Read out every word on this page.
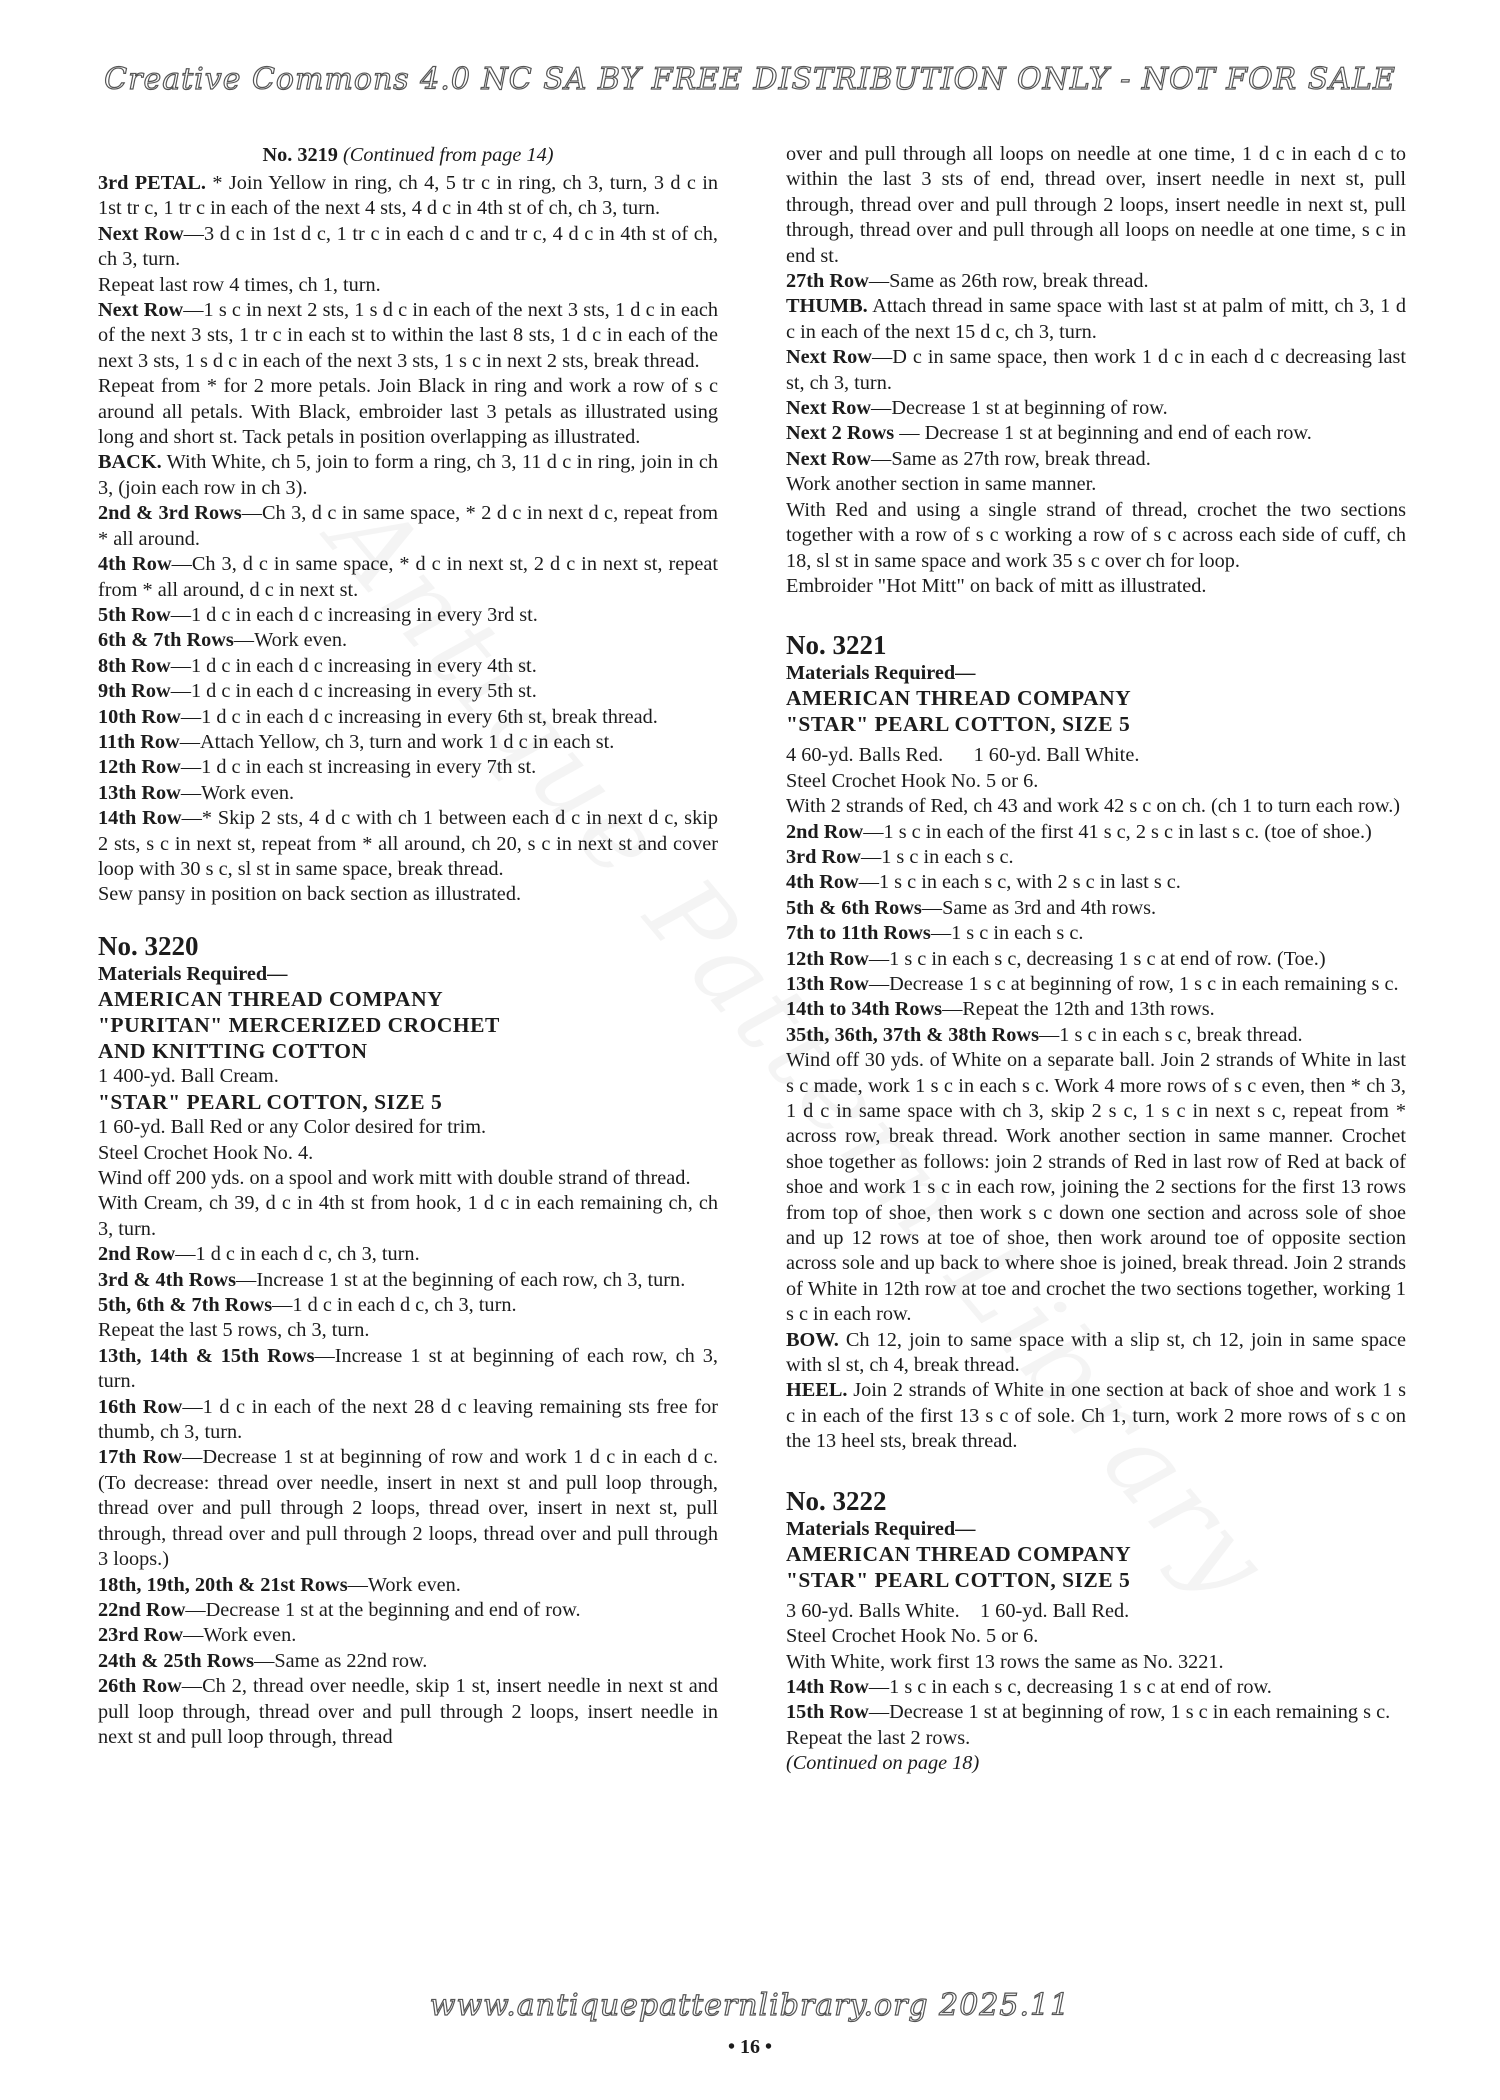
Creative Commons 4.0 NC SA BY FREE DISTRIBUTION ONLY - NOT FOR SALE

No. 3219 (Continued from page 14)

3rd PETAL. * Join Yellow in ring, ch 4, 5 tr c in ring, ch 3, turn, 3 d c in 1st tr c, 1 tr c in each of the next 4 sts, 4 d c in 4th st of ch, ch 3, turn.

Next Row—3 d c in 1st d c, 1 tr c in each d c and tr c, 4 d c in 4th st of ch, ch 3, turn.

Repeat last row 4 times, ch 1, turn.

Next Row—1 s c in next 2 sts, 1 s d c in each of the next 3 sts, 1 d c in each of the next 3 sts, 1 tr c in each st to within the last 8 sts, 1 d c in each of the next 3 sts, 1 s d c in each of the next 3 sts, 1 s c in next 2 sts, break thread.

Repeat from * for 2 more petals. Join Black in ring and work a row of s c around all petals. With Black, embroider last 3 petals as illustrated using long and short st. Tack petals in position overlapping as illustrated.

BACK. With White, ch 5, join to form a ring, ch 3, 11 d c in ring, join in ch 3, (join each row in ch 3).

2nd & 3rd Rows—Ch 3, d c in same space, * 2 d c in next d c, repeat from * all around.

4th Row—Ch 3, d c in same space, * d c in next st, 2 d c in next st, repeat from * all around, d c in next st.

5th Row—1 d c in each d c increasing in every 3rd st.

6th & 7th Rows—Work even.

8th Row—1 d c in each d c increasing in every 4th st.

9th Row—1 d c in each d c increasing in every 5th st.

10th Row—1 d c in each d c increasing in every 6th st, break thread.

11th Row—Attach Yellow, ch 3, turn and work 1 d c in each st.

12th Row—1 d c in each st increasing in every 7th st.

13th Row—Work even.

14th Row—* Skip 2 sts, 4 d c with ch 1 between each d c in next d c, skip 2 sts, s c in next st, repeat from * all around, ch 20, s c in next st and cover loop with 30 s c, sl st in same space, break thread.

Sew pansy in position on back section as illustrated.

No. 3220

Materials Required—

AMERICAN THREAD COMPANY

"PURITAN" MERCERIZED CROCHET

AND KNITTING COTTON

1 400-yd. Ball Cream.

"STAR" PEARL COTTON, SIZE 5

1 60-yd. Ball Red or any Color desired for trim.

Steel Crochet Hook No. 4.

Wind off 200 yds. on a spool and work mitt with double strand of thread.

With Cream, ch 39, d c in 4th st from hook, 1 d c in each remaining ch, ch 3, turn.

2nd Row—1 d c in each d c, ch 3, turn.

3rd & 4th Rows—Increase 1 st at the beginning of each row, ch 3, turn.

5th, 6th & 7th Rows—1 d c in each d c, ch 3, turn.

Repeat the last 5 rows, ch 3, turn.

13th, 14th & 15th Rows—Increase 1 st at beginning of each row, ch 3, turn.

16th Row—1 d c in each of the next 28 d c leaving remaining sts free for thumb, ch 3, turn.

17th Row—Decrease 1 st at beginning of row and work 1 d c in each d c. (To decrease: thread over needle, insert in next st and pull loop through, thread over and pull through 2 loops, thread over, insert in next st, pull through, thread over and pull through 2 loops, thread over and pull through 3 loops.)

18th, 19th, 20th & 21st Rows—Work even.

22nd Row—Decrease 1 st at the beginning and end of row.

23rd Row—Work even.

24th & 25th Rows—Same as 22nd row.

26th Row—Ch 2, thread over needle, skip 1 st, insert needle in next st and pull loop through, thread over and pull through 2 loops, insert needle in next st and pull loop through, thread

over and pull through all loops on needle at one time, 1 d c in each d c to within the last 3 sts of end, thread over, insert needle in next st, pull through, thread over and pull through 2 loops, insert needle in next st, pull through, thread over and pull through all loops on needle at one time, s c in end st.

27th Row—Same as 26th row, break thread.

THUMB. Attach thread in same space with last st at palm of mitt, ch 3, 1 d c in each of the next 15 d c, ch 3, turn.

Next Row—D c in same space, then work 1 d c in each d c decreasing last st, ch 3, turn.

Next Row—Decrease 1 st at beginning of row.

Next 2 Rows — Decrease 1 st at beginning and end of each row.

Next Row—Same as 27th row, break thread.

Work another section in same manner.

With Red and using a single strand of thread, crochet the two sections together with a row of s c working a row of s c across each side of cuff, ch 18, sl st in same space and work 35 s c over ch for loop.

Embroider "Hot Mitt" on back of mitt as illustrated.

No. 3221

Materials Required—

AMERICAN THREAD COMPANY

"STAR" PEARL COTTON, SIZE 5

4 60-yd. Balls Red.      1 60-yd. Ball White.

Steel Crochet Hook No. 5 or 6.

With 2 strands of Red, ch 43 and work 42 s c on ch. (ch 1 to turn each row.)

2nd Row—1 s c in each of the first 41 s c, 2 s c in last s c. (toe of shoe.)

3rd Row—1 s c in each s c.

4th Row—1 s c in each s c, with 2 s c in last s c.

5th & 6th Rows—Same as 3rd and 4th rows.

7th to 11th Rows—1 s c in each s c.

12th Row—1 s c in each s c, decreasing 1 s c at end of row. (Toe.)

13th Row—Decrease 1 s c at beginning of row, 1 s c in each remaining s c.

14th to 34th Rows—Repeat the 12th and 13th rows.

35th, 36th, 37th & 38th Rows—1 s c in each s c, break thread.

Wind off 30 yds. of White on a separate ball. Join 2 strands of White in last s c made, work 1 s c in each s c. Work 4 more rows of s c even, then * ch 3, 1 d c in same space with ch 3, skip 2 s c, 1 s c in next s c, repeat from * across row, break thread. Work another section in same manner. Crochet shoe together as follows: join 2 strands of Red in last row of Red at back of shoe and work 1 s c in each row, joining the 2 sections for the first 13 rows from top of shoe, then work s c down one section and across sole of shoe and up 12 rows at toe of shoe, then work around toe of opposite section across sole and up back to where shoe is joined, break thread. Join 2 strands of White in 12th row at toe and crochet the two sections together, working 1 s c in each row.

BOW. Ch 12, join to same space with a slip st, ch 12, join in same space with sl st, ch 4, break thread.

HEEL. Join 2 strands of White in one section at back of shoe and work 1 s c in each of the first 13 s c of sole. Ch 1, turn, work 2 more rows of s c on the 13 heel sts, break thread.

No. 3222

Materials Required—

AMERICAN THREAD COMPANY

"STAR" PEARL COTTON, SIZE 5

3 60-yd. Balls White.    1 60-yd. Ball Red.

Steel Crochet Hook No. 5 or 6.

With White, work first 13 rows the same as No. 3221.

14th Row—1 s c in each s c, decreasing 1 s c at end of row.

15th Row—Decrease 1 st at beginning of row, 1 s c in each remaining s c.

Repeat the last 2 rows.

(Continued on page 18)

www.antiquepatternlibrary.org 2025.11
• 16 •
